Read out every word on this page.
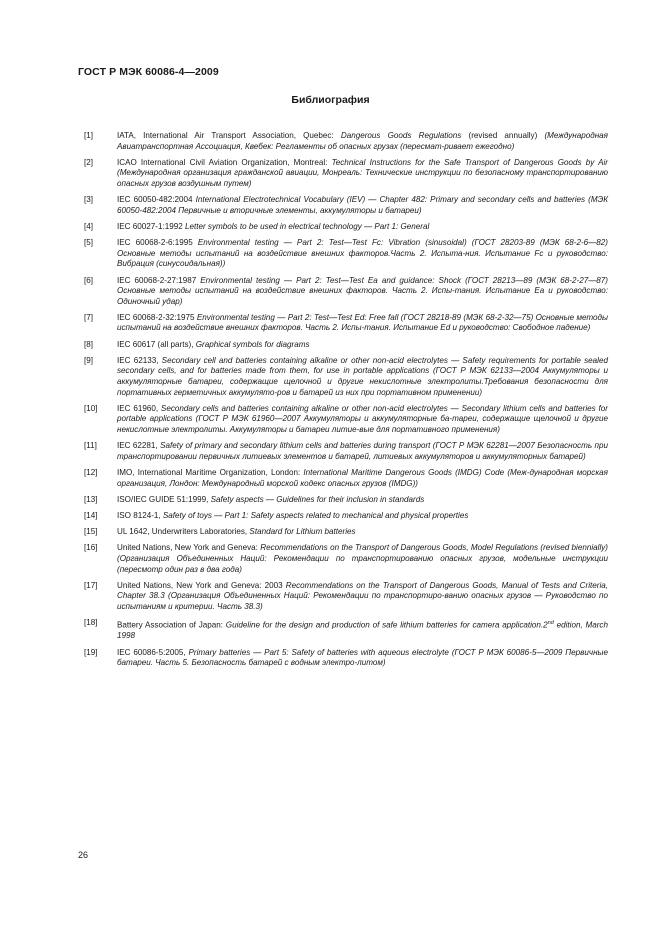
ГОСТ Р МЭК 60086-4—2009
Библиография
[1]	IATA, International Air Transport Association, Quebec: Dangerous Goods Regulations (revised annually) (Международная Авиатранспортная Ассоциация, Квебек: Регламенты об опасных грузах (пересмат-риваеm ежегодно)
[2]	ICAO International Civil Aviation Organization, Montreal: Technical Instructions for the Safe Transport of Dangerous Goods by Air (Международная организация гражданской авиации, Монреаль: Технические инструкции по безопасному транспортированию опасных грузов воздушным путем)
[3]	IEC 60050-482:2004 International Electrotechnical Vocabulary (IEV) — Chapter 482: Primary and secondary cells and batteries (МЭК 60050-482:2004 Первичные и вторичные элементы, аккумуляторы и батареи)
[4]	IEC 60027-1:1992 Letter symbols to be used in electrical technology — Part 1: General
[5]	IEC 60068-2-6:1995 Environmental testing — Part 2: Test—Test Fc: Vibration (sinusoidal) (ГОСТ 28203-89 (МЭК 68-2-6—82) Основные методы испытаний на воздействие внешних факторов.Часть 2. Испыта-ния. Испытание Fc и руководство: Вибрация (синусоидальная))
[6]	IEC 60068-2-27:1987 Environmental testing — Part 2: Test—Test Ea and guidance: Shock (ГОСТ 28213—89 (МЭК 68-2-27—87) Основные методы испытаний на воздействие внешних факторов. Часть 2. Испы-тания. Испытание Ea и руководство: Одиночный удар)
[7]	IEC 60068-2-32:1975 Environmental testing — Part 2: Test—Test Ed: Free fall (ГОСТ 28218-89 (МЭК 68-2-32—75) Основные методы испытаний на воздействие внешних факторов. Часть 2. Испы-тания. Испытание Ed и руководство: Свободное падение)
[8]	IEC 60617 (all parts), Graphical symbols for diagrams
[9]	IEC 62133, Secondary cell and batteries containing alkaline or other non-acid electrolytes — Safety requirements for portable sealed secondary cells, and for batteries made from them, for use in portable applications (ГОСТ Р МЭК 62133—2004 Аккумуляторы и аккумуляторные батареи, содержащие щелочной и другие некислотные электролиты.Требования безопасности для портативных герметичных аккумулято-ров и батарей из них при портативном применении)
[10]	IEC 61960, Secondary cells and batteries containing alkaline or other non-acid electrolytes — Secondary lithium cells and batteries for portable applications (ГОСТ Р МЭК 61960—2007 Аккумуляторы и аккумуляторные ба-тареи, содержащие щелочной и другие некислотные электролиты. Аккумуляторы и батареи литие-вые для портативного применения)
[11]	IEC 62281, Safety of primary and secondary lithium cells and batteries during transport (ГОСТ Р МЭК 62281—2007 Безопасность при транспортировании первичных литиевых элементов и батарей, литиевых аккумуляторов и аккумуляторных батарей)
[12]	IMO, International Maritime Organization, London: International Maritime Dangerous Goods (IMDG) Code (Меж-дународная морская организация, Лондон: Международный морской кодекс опасных грузов (IMDG))
[13]	ISO/IEC GUIDE 51:1999, Safety aspects — Guidelines for their inclusion in standards
[14]	ISO 8124-1, Safety of toys — Part 1: Safety aspects related to mechanical and physical properties
[15]	UL 1642, Underwriters Laboratories, Standard for Lithium batteries
[16]	United Nations, New York and Geneva: Recommendations on the Transport of Dangerous Goods, Model Regulations (revised biennially) (Организация Объединенных Наций: Рекомендации по транспортированию опасных грузов, модельные инструкции (пересмотр один раз в два года)
[17]	United Nations, New York and Geneva: 2003 Recommendations on the Transport of Dangerous Goods, Manual of Tests and Criteria, Chapter 38.3 (Организация Объединенных Наций: Рекомендации по транспортиро-ванию опасных грузов — Руководство по испытаниям и критерии. Часть 38.3)
[18]	Battery Association of Japan: Guideline for the design and production of safe lithium batteries for camera application.2nd edition, March 1998
[19]	IEC 60086-5:2005, Primary batteries — Part 5: Safety of batteries with aqueous electrolyte (ГОСТ Р МЭК 60086-5—2009 Первичные батареи. Часть 5. Безопасность батарей с водным электро-литом)
26
